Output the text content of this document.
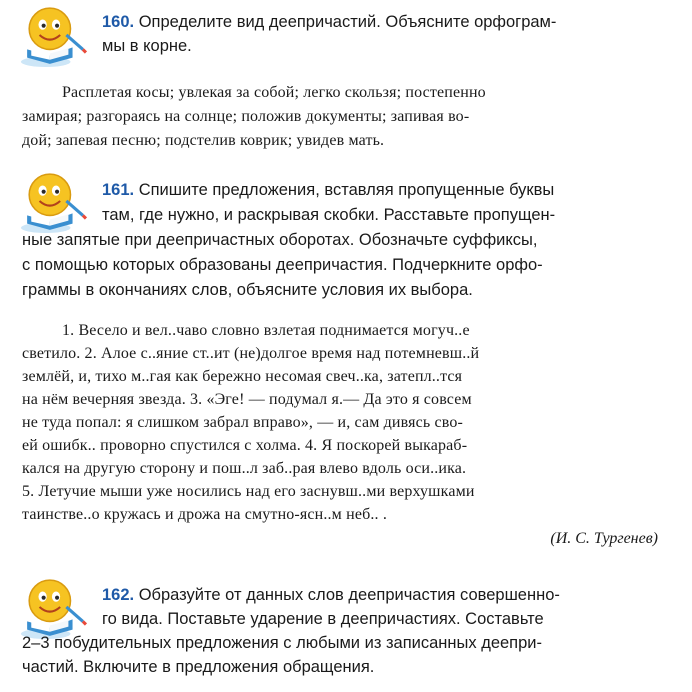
160. Определите вид деепричастий. Объясните орфограм-
мы в корне.
Расплетая косы; увлекая за собой; легко скользя; постепенно
замирая; разгораясь на солнце; положив документы; запивая во-
дой; запевая песню; подстелив коврик; увидев мать.
161. Спишите предложения, вставляя пропущенные буквы
там, где нужно, и раскрывая скобки. Расставьте пропущен-
ные запятые при деепричастных оборотах. Обозначьте суффиксы,
с помощью которых образованы деепричастия. Подчеркните орфо-
граммы в окончаниях слов, объясните условия их выбора.
1. Весело и вел..чаво словно взлетая поднимается могуч..е
светило. 2. Алое с..яние ст..ит (не)долгое время над потемневш..й
землёй, и, тихо м..гая как бережно несомая свеч..ка, затепл..тся
на нём вечерняя звезда. 3. «Эге! — подумал я.— Да это я совсем
не туда попал: я слишком забрал вправо», — и, сам дивясь сво-
ей ошибк.. проворно спустился с холма. 4. Я поскорей выкараб-
кался на другую сторону и пош..л заб..рая влево вдоль оси..ика.
5. Летучие мыши уже носились над его заснувш..ми верхушками
таинстве..о кружась и дрожа на смутно-ясн..м неб.. .
(И. С. Тургенев)
162. Образуйте от данных слов деепричастия совершенно-
го вида. Поставьте ударение в деепричастиях. Составьте
2–3 побудительных предложения с любыми из записанных деепри-
частий. Включите в предложения обращения.
